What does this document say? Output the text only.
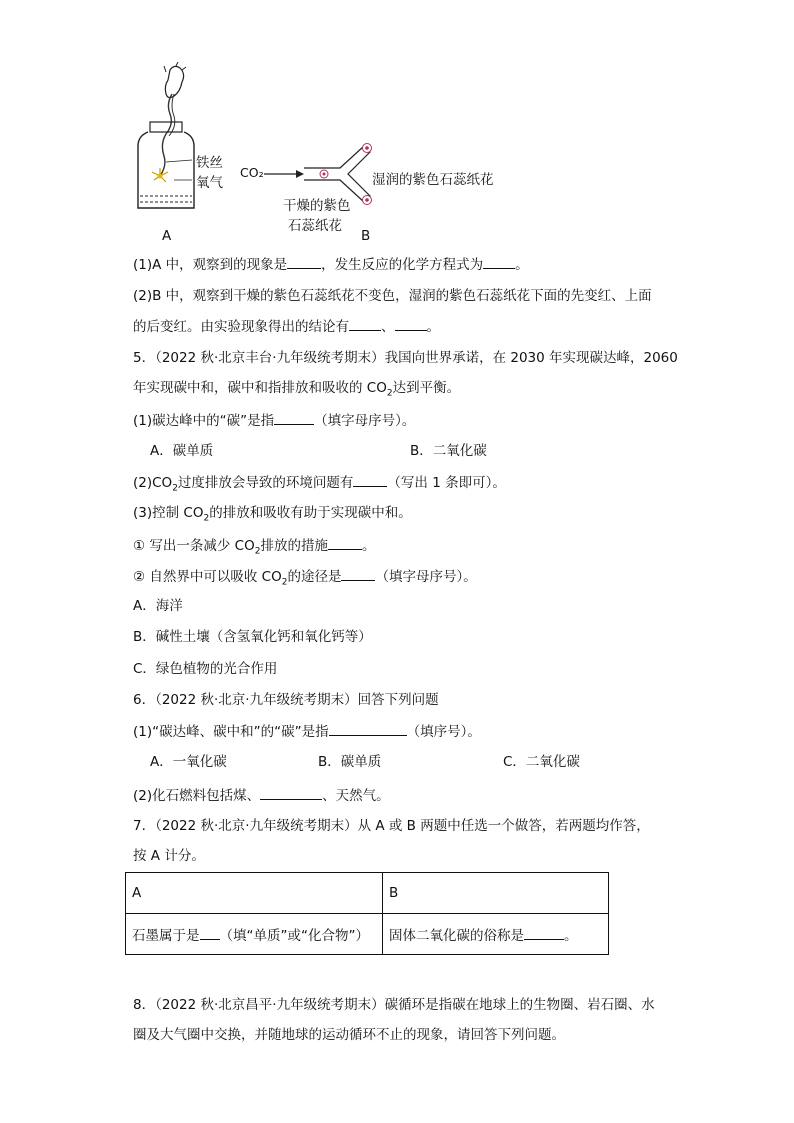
铁丝
氧气
A
CO₂	湿润的紫色石蕊纸花
干燥的紫色
石蕊纸花
B
(1)A 中，观察到的现象是	，发生反应的化学方程式为 。
(2)B 中，观察到干燥的紫色石蕊纸花不变色，湿润的紫色石蕊纸花下面的先变红、上面
的后变红。由实验现象得出的结论有 、 。
5．（2022 秋·北京丰台·九年级统考期末）我国向世界承诺，在 2030 年实现碳达峰，2060
年实现碳中和，碳中和指排放和吸收的 $CO_2$达到平衡。
(1)碳达峰中的“碳”是指	（填字母序号）。
A．碳单质	B．二氧化碳
$(2)CO_2$过度排放会导致的环境问题有	（写出 1 条即可）。
(3)控制 $CO_2$的排放和吸收有助于实现碳中和。
① 写出一条减少 $CO_2$排放的措施	。
② 自然界中可以吸收 $CO_2$的途径是	（填字母序号）。
A．海洋
B．碱性土壤（含氢氧化钙和氧化钙等）
C．绿色植物的光合作用
6．（2022 秋·北京·九年级统考期末）回答下列问题
(1)“碳达峰、碳中和”的“碳”是指	（填序号）。
A．一氧化碳	B．碳单质	C．二氧化碳
(2)化石燃料包括煤、	、天然气。
7．（2022 秋·北京·九年级统考期末）从 A 或 B 两题中任选一个做答，若两题均作答，
按 A 计分。
A	B
石墨属于是 （填“单质”或“化合物”）	固体二氧化碳的俗称是 。
8．（2022 秋·北京昌平·九年级统考期末）碳循环是指碳在地球上的生物圈、岩石圈、水
圈及大气圈中交换，并随地球的运动循环不止的现象，请回答下列问题。
